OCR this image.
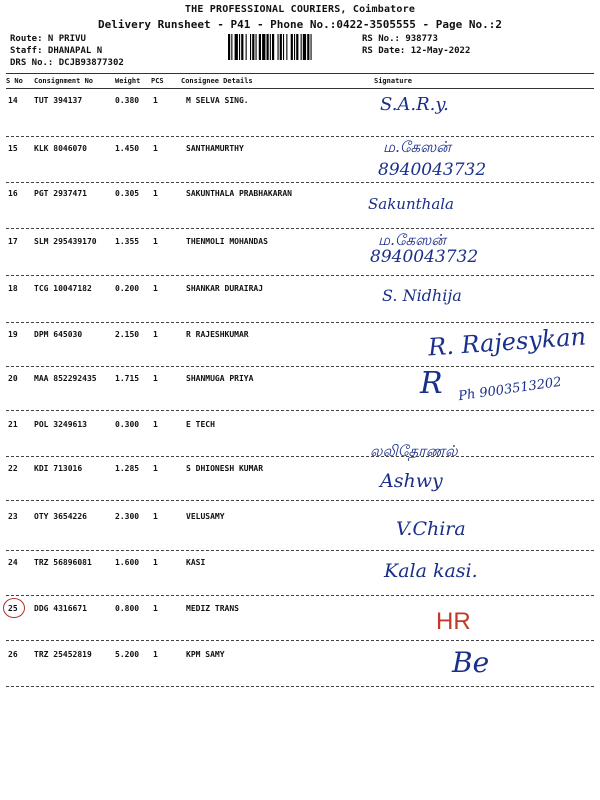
THE PROFESSIONAL COURIERS, Coimbatore
Delivery Runsheet - P41 - Phone No.:0422-3505555 - Page No.:2
Route: N PRIVU
Staff: DHANAPAL N
DRS No.: DCJB93877302
RS No.: 938773
RS Date: 12-May-2022
S No Consignment No	Weight PCS Consignee Details	Signature
14 TUT 394137	0.380 1	M SELVA SING.	S.A.R.y.
15 KLK 8046070	1.450 1	SANTHAMURTHY	ம.கேஸன்
8940043732
16 PGT 2937471	0.305 1	SAKUNTHALA PRABHAKARAN
Sakunthala
17 SLM 295439170 1.355 1	THENMOLI MOHANDAS	ம.கேஸன்
8940043732
18 TCG 10047182	0.200 1	SHANKAR DURAIRAJ	S. Nidhija
19 DPM 645030	2.150 1	R RAJESHKUMAR	R. Rajesykan
20 MAA 852292435 1.715 1	SHANMUGA PRIYA	R Ph 9003513202
21 POL 3249613	0.300 1	E TECH
22 KDI 713016	1.285 1	S DHIONESH KUMAR
லலிதோணல்
Ashwy
23 OTY 3654226	2.300 1	VELUSAMY
V.Chira
24 TRZ 56896081	1.600 1	KASI	Kala kasi.
25 DDG 4316671	0.800 1	MEDIZ TRANS	HR
26 TRZ 25452819	5.200 1	KPM SAMY	Be
